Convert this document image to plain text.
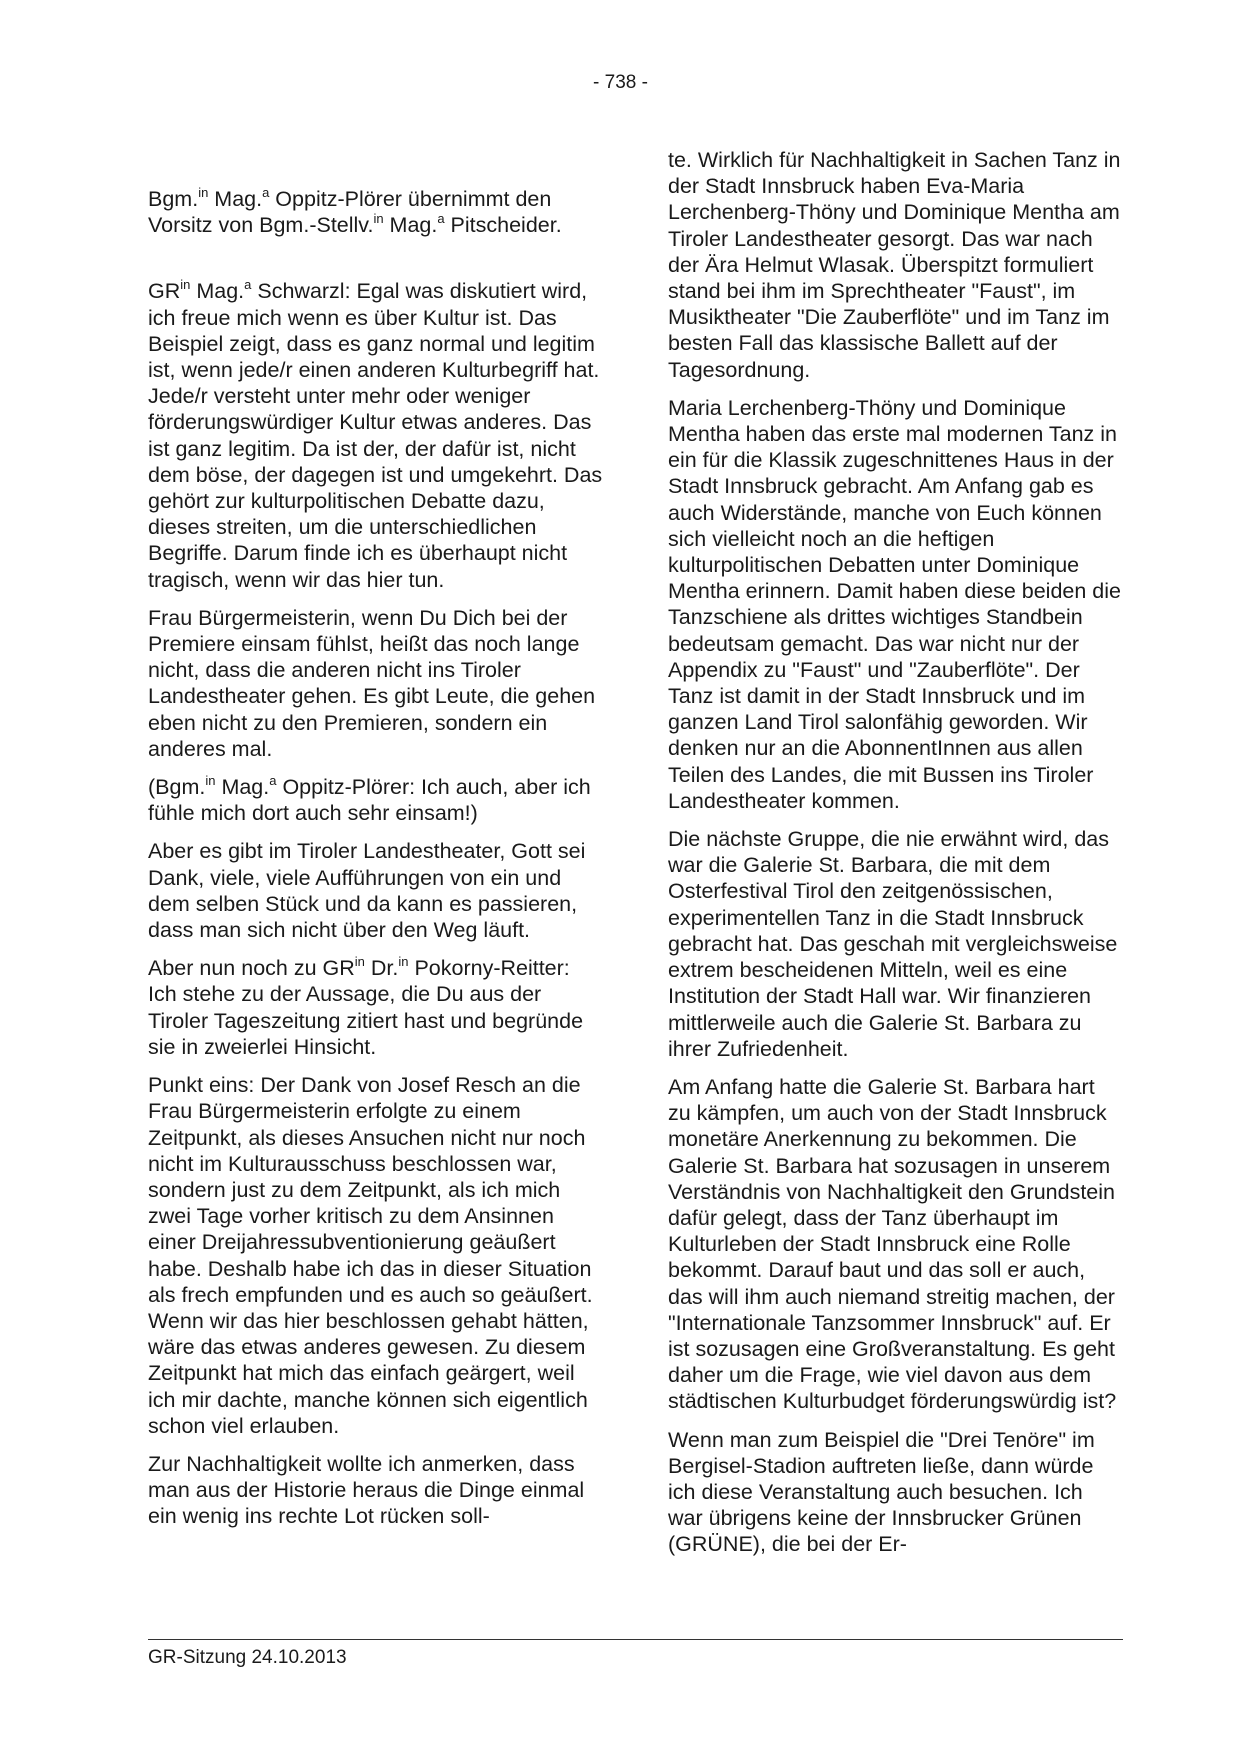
- 738 -

Bgm.$^{in}$ Mag.$^a$ Oppitz-Plörer übernimmt den Vorsitz von Bgm.-Stellv.$^{in}$ Mag.$^a$ Pitscheider.

$GR^{in}$ Mag.$^a$ Schwarzl: Egal was diskutiert wird, ich freue mich wenn es über Kultur ist. Das Beispiel zeigt, dass es ganz normal und legitim ist, wenn jede/r einen anderen Kulturbegriff hat. Jede/r versteht unter mehr oder weniger förderungswürdiger Kultur etwas anderes. Das ist ganz legitim. Da ist der, der dafür ist, nicht dem böse, der dagegen ist und umgekehrt. Das gehört zur kulturpolitischen Debatte dazu, dieses streiten, um die unterschiedlichen Begriffe. Darum finde ich es überhaupt nicht tragisch, wenn wir das hier tun.

Frau Bürgermeisterin, wenn Du Dich bei der Premiere einsam fühlst, heißt das noch lange nicht, dass die anderen nicht ins Tiroler Landestheater gehen. Es gibt Leute, die gehen eben nicht zu den Premieren, sondern ein anderes mal.

(Bgm.$^{in}$ Mag.$^a$ Oppitz-Plörer: Ich auch, aber ich fühle mich dort auch sehr einsam!)

Aber es gibt im Tiroler Landestheater, Gott sei Dank, viele, viele Aufführungen von ein und dem selben Stück und da kann es passieren, dass man sich nicht über den Weg läuft.

Aber nun noch zu $GR^{in}$ Dr.$^{in}$ Pokorny-Reitter: Ich stehe zu der Aussage, die Du aus der Tiroler Tageszeitung zitiert hast und begründe sie in zweierlei Hinsicht.

Punkt eins: Der Dank von Josef Resch an die Frau Bürgermeisterin erfolgte zu einem Zeitpunkt, als dieses Ansuchen nicht nur noch nicht im Kulturausschuss beschlossen war, sondern just zu dem Zeitpunkt, als ich mich zwei Tage vorher kritisch zu dem Ansinnen einer Dreijahressubventionierung geäußert habe. Deshalb habe ich das in dieser Situation als frech empfunden und es auch so geäußert. Wenn wir das hier beschlossen gehabt hätten, wäre das etwas anderes gewesen. Zu diesem Zeitpunkt hat mich das einfach geärgert, weil ich mir dachte, manche können sich eigentlich schon viel erlauben.

Zur Nachhaltigkeit wollte ich anmerken, dass man aus der Historie heraus die Dinge einmal ein wenig ins rechte Lot rücken soll-

te. Wirklich für Nachhaltigkeit in Sachen Tanz in der Stadt Innsbruck haben Eva-Maria Lerchenberg-Thöny und Dominique Mentha am Tiroler Landestheater gesorgt. Das war nach der Ära Helmut Wlasak. Überspitzt formuliert stand bei ihm im Sprechtheater "Faust", im Musiktheater "Die Zauberflöte" und im Tanz im besten Fall das klassische Ballett auf der Tagesordnung.

Maria Lerchenberg-Thöny und Dominique Mentha haben das erste mal modernen Tanz in ein für die Klassik zugeschnittenes Haus in der Stadt Innsbruck gebracht. Am Anfang gab es auch Widerstände, manche von Euch können sich vielleicht noch an die heftigen kulturpolitischen Debatten unter Dominique Mentha erinnern. Damit haben diese beiden die Tanzschiene als drittes wichtiges Standbein bedeutsam gemacht. Das war nicht nur der Appendix zu "Faust" und "Zauberflöte". Der Tanz ist damit in der Stadt Innsbruck und im ganzen Land Tirol salonfähig geworden. Wir denken nur an die AbonnentInnen aus allen Teilen des Landes, die mit Bussen ins Tiroler Landestheater kommen.

Die nächste Gruppe, die nie erwähnt wird, das war die Galerie St. Barbara, die mit dem Osterfestival Tirol den zeitgenössischen, experimentellen Tanz in die Stadt Innsbruck gebracht hat. Das geschah mit vergleichsweise extrem bescheidenen Mitteln, weil es eine Institution der Stadt Hall war. Wir finanzieren mittlerweile auch die Galerie St. Barbara zu ihrer Zufriedenheit.

Am Anfang hatte die Galerie St. Barbara hart zu kämpfen, um auch von der Stadt Innsbruck monetäre Anerkennung zu bekommen. Die Galerie St. Barbara hat sozusagen in unserem Verständnis von Nachhaltigkeit den Grundstein dafür gelegt, dass der Tanz überhaupt im Kulturleben der Stadt Innsbruck eine Rolle bekommt. Darauf baut und das soll er auch, das will ihm auch niemand streitig machen, der "Internationale Tanzsommer Innsbruck" auf. Er ist sozusagen eine Großveranstaltung. Es geht daher um die Frage, wie viel davon aus dem städtischen Kulturbudget förderungswürdig ist?

Wenn man zum Beispiel die "Drei Tenöre" im Bergisel-Stadion auftreten ließe, dann würde ich diese Veranstaltung auch besuchen. Ich war übrigens keine der Innsbrucker Grünen (GRÜNE), die bei der Er-

GR-Sitzung 24.10.2013
